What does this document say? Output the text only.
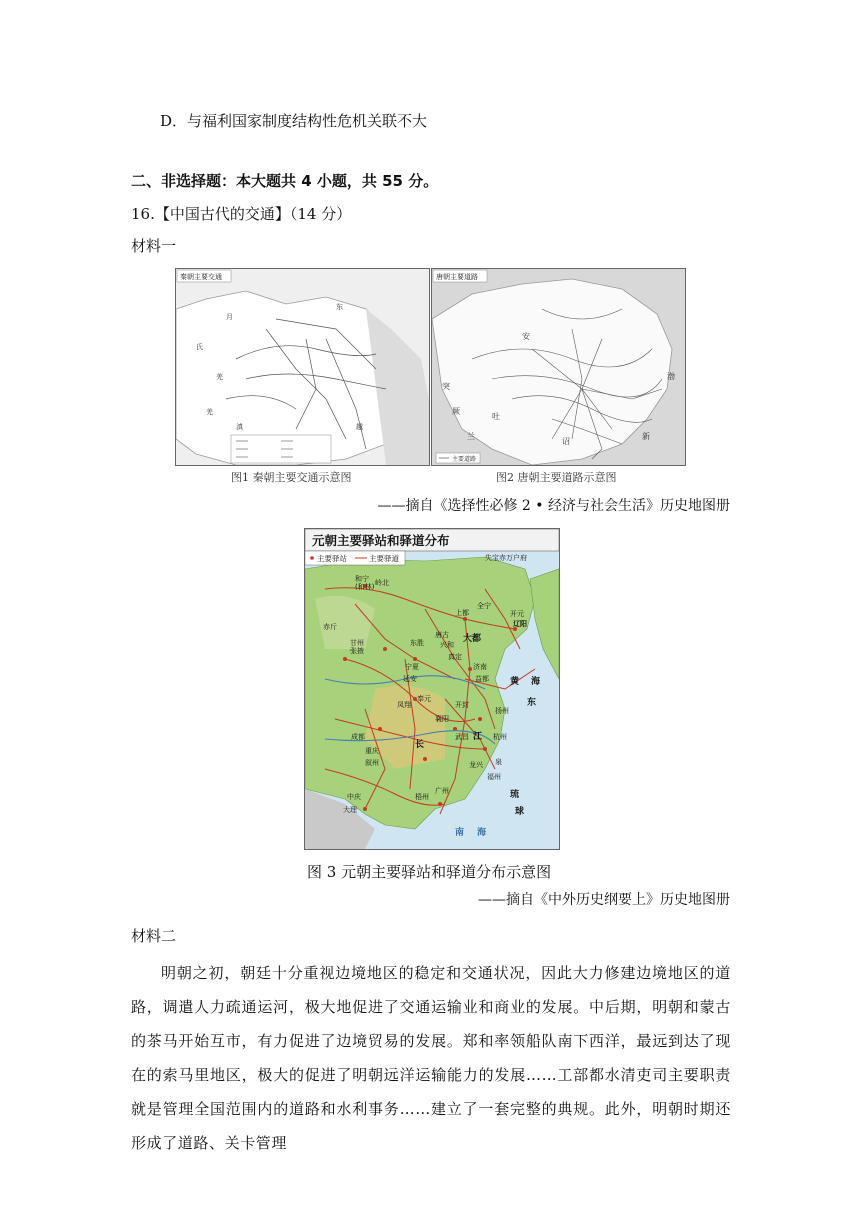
D．与福利国家制度结构性危机关联不大
二、非选择题：本大题共 4 小题，共 55 分。
16.【中国古代的交通】（14 分）
材料一
月
氏
羌
羌
越
东
滇
秦朝主要交通
安
突
厥
吐
兰
诏
新
渤
唐朝主要道路
主要道路
图1 秦朝主要交通示意图	图2 唐朝主要道路示意图
——摘自《选择性必修 2 • 经济与社会生活》历史地图册
元朝主要驿站和驿道分布
主要驿站	主要驿道	失宝赤万户府
和宁
(和林) 岭北
开元
上都
全宁
辽阳
赤斤
甘州	东胜	大都
张掖
唐古
兴和
真定
宁夏	济南
黄 海
延安	益都
东
奉元
开封
扬州
凤翔
襄阳
成都
长
武昌	杭州
重庆
江
泉
叙州	龙兴
中庆
福州
大理
梧州
广州	琉
南 海
球
图 3 元朝主要驿站和驿道分布示意图
——摘自《中外历史纲要上》历史地图册
材料二

明朝之初，朝廷十分重视边境地区的稳定和交通状况，因此大力修建边境地区的道路，调遣人力疏通运河，极大地促进了交通运输业和商业的发展。中后期，明朝和蒙古的茶马开始互市，有力促进了边境贸易的发展。郑和率领船队南下西洋，最远到达了现在的索马里地区，极大的促进了明朝远洋运输能力的发展……工部都水清吏司主要职责就是管理全国范围内的道路和水利事务……建立了一套完整的典规。此外，明朝时期还形成了道路、关卡管理
